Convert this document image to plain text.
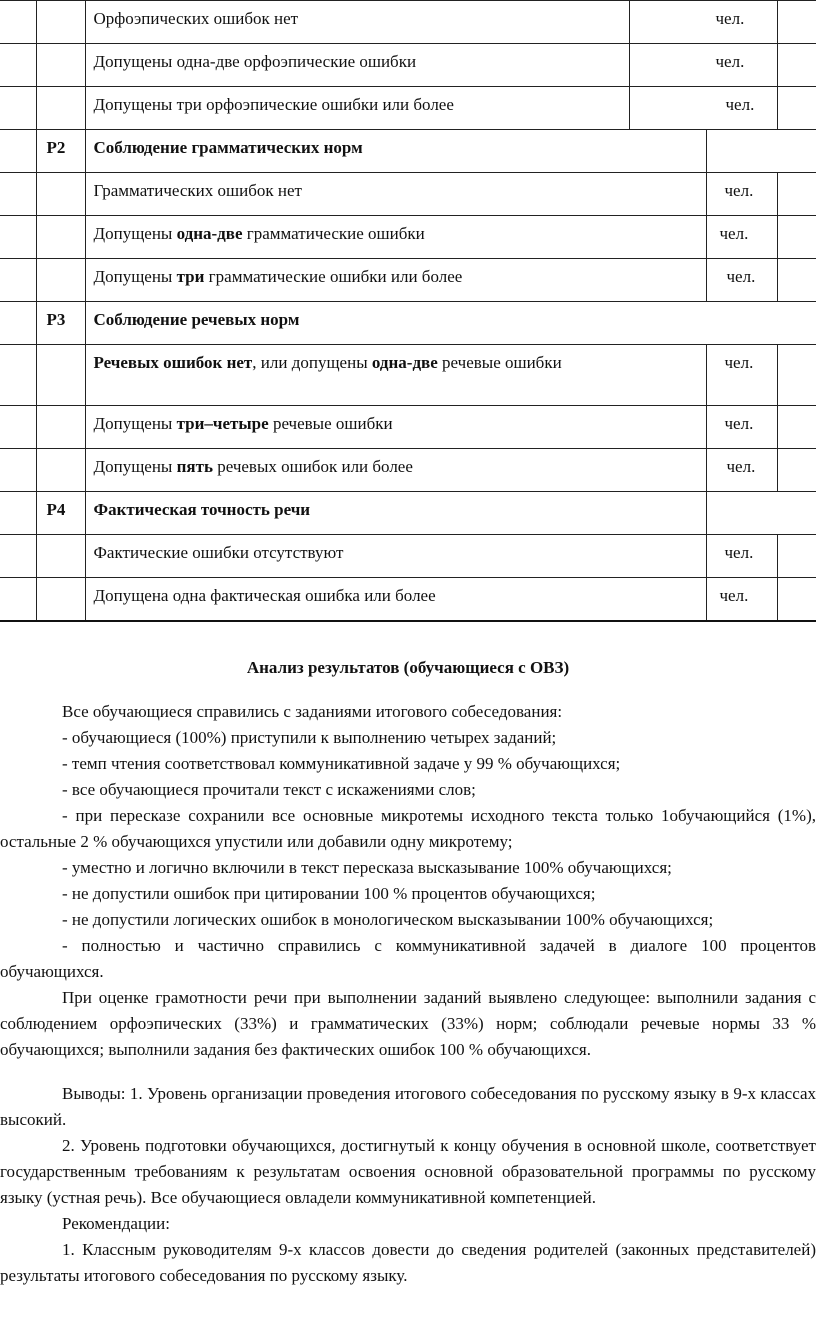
		Орфоэпических ошибок нет	чел.		
		Допущены одна-две орфоэпические ошибки	чел.		
		Допущены три орфоэпические ошибки или более	чел.		
	Р2	Соблюдение грамматических норм			
		Грамматических ошибок нет		чел.	
		Допущены одна-две грамматические ошибки		чел.	
		Допущены три грамматические ошибки или более		чел.	
	Р3	Соблюдение речевых норм			
		Речевых ошибок нет, или допущены одна-две речевые ошибки		чел.	
		Допущены три–четыре речевые ошибки		чел.	
		Допущены пять речевых ошибок или более		чел.	
	Р4	Фактическая точность речи			
		Фактические ошибки отсутствуют		чел.	
		Допущена одна фактическая ошибка или более		чел.	
Анализ результатов (обучающиеся с ОВЗ)

Все обучающиеся справились с заданиями итогового собеседования:

- обучающиеся (100%) приступили к выполнению четырех заданий;

- темп чтения соответствовал коммуникативной задаче у 99 % обучающихся;

- все обучающиеся прочитали текст с искажениями слов;

- при пересказе сохранили все основные микротемы исходного текста только 1обучающийся (1%), остальные 2 % обучающихся упустили или добавили одну микротему;

- уместно и логично включили в текст пересказа высказывание 100% обучающихся;

- не допустили ошибок при цитировании 100 % процентов обучающихся;

- не допустили логических ошибок в монологическом высказывании 100% обучающихся;

- полностью и частично справились с коммуникативной задачей в диалоге 100 процентов обучающихся.

При оценке грамотности речи при выполнении заданий выявлено следующее: выполнили задания с соблюдением орфоэпических (33%) и грамматических (33%) норм; соблюдали речевые нормы 33 % обучающихся; выполнили задания без фактических ошибок 100 % обучающихся.

Выводы: 1. Уровень организации проведения итогового собеседования по русскому языку в 9-х классах высокий.

2. Уровень подготовки обучающихся, достигнутый к концу обучения в основной школе, соответствует государственным требованиям к результатам освоения основной образовательной программы по русскому языку (устная речь). Все обучающиеся овладели коммуникативной компетенцией.

Рекомендации:

1. Классным руководителям 9-х классов довести до сведения родителей (законных представителей) результаты итогового собеседования по русскому языку.
